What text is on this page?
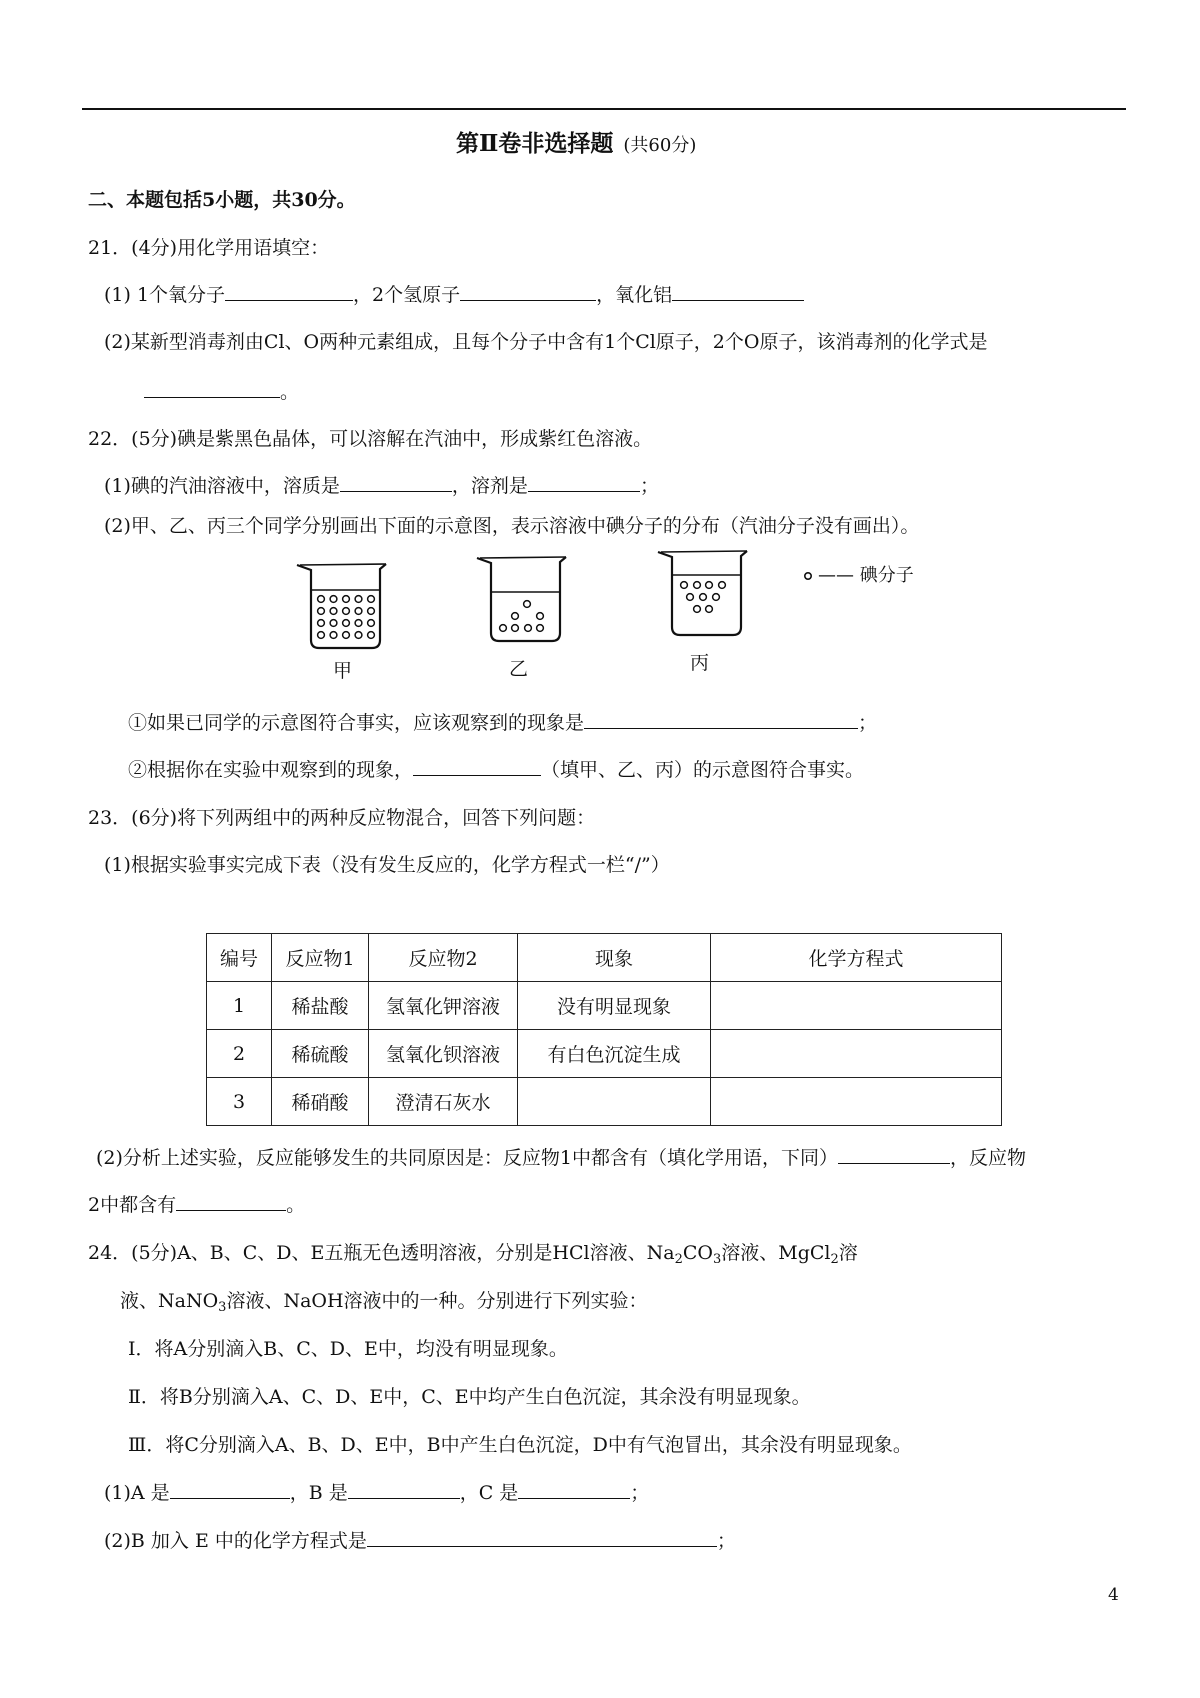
第Ⅱ卷非选择题 (共60分)
二、本题包括5小题，共30分。
21．(4分)用化学用语填空：
(1) 1个氧分子	，2个氢原子	，氧化铝
(2)某新型消毒剂由Cl、O两种元素组成，且每个分子中含有1个Cl原子，2个O原子，该消毒剂的化学式是
。
22．(5分)碘是紫黑色晶体，可以溶解在汽油中，形成紫红色溶液。
(1)碘的汽油溶液中，溶质是	，溶剂是	；
(2)甲、乙、丙三个同学分别画出下面的示意图，表示溶液中碘分子的分布（汽油分子没有画出）。
甲	乙	丙
—— 碘分子
①如果已同学的示意图符合事实，应该观察到的现象是	；
②根据你在实验中观察到的现象，	（填甲、乙、丙）的示意图符合事实。
23．(6分)将下列两组中的两种反应物混合，回答下列问题：
(1)根据实验事实完成下表（没有发生反应的，化学方程式一栏“/”）
编号	反应物1	反应物2	现象	化学方程式
1	稀盐酸	氢氧化钾溶液	没有明显现象	
2	稀硫酸	氢氧化钡溶液	有白色沉淀生成	
3	稀硝酸	澄清石灰水		
(2)分析上述实验，反应能够发生的共同原因是：反应物1中都含有（填化学用语，下同）	，反应物
2中都含有	。
24．(5分)A、B、C、D、E五瓶无色透明溶液，分别是HCl溶液、$Na_2CO_3$溶液、MgCl$_2$溶
液、NaNO$_3$溶液、NaOH溶液中的一种。分别进行下列实验：
Ⅰ．将A分别滴入B、C、D、E中，均没有明显现象。
Ⅱ．将B分别滴入A、C、D、E中，C、E中均产生白色沉淀，其余没有明显现象。
Ⅲ．将C分别滴入A、B、D、E中，B中产生白色沉淀，D中有气泡冒出，其余没有明显现象。
(1)A 是	，B 是	，C 是	；
(2)B 加入 E 中的化学方程式是	；
4
